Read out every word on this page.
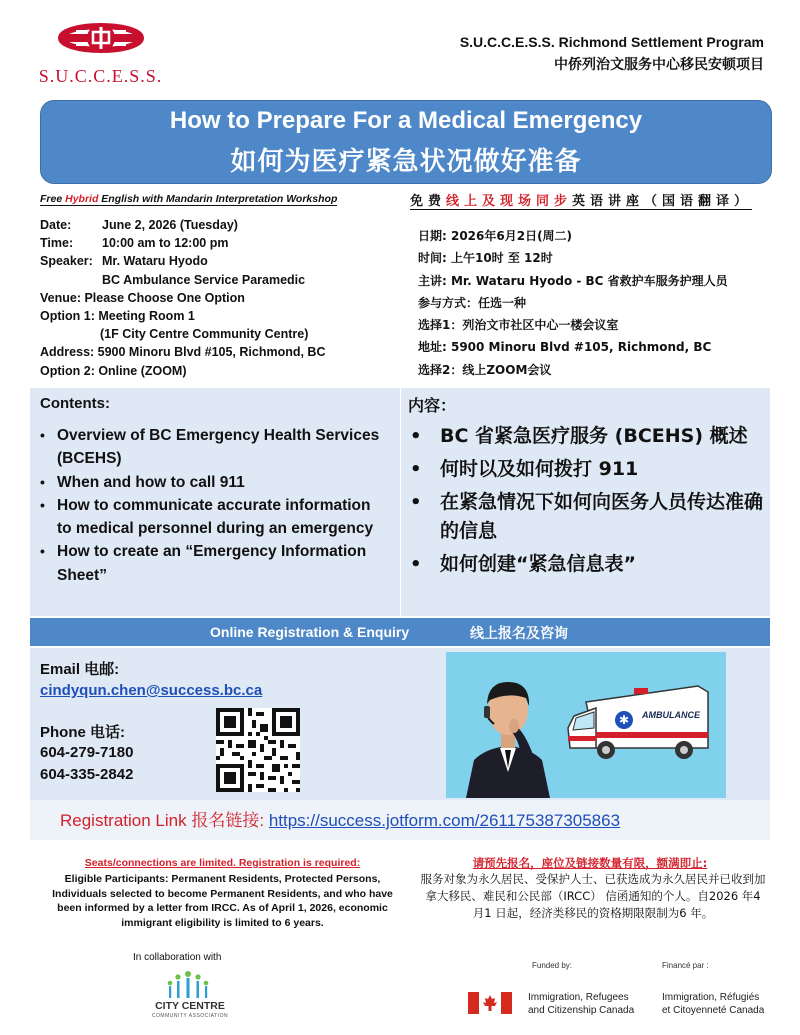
S.U.C.C.E.S.S.
S.U.C.C.E.S.S. Richmond Settlement Program
中侨列治文服务中心移民安顿项目
How to Prepare For a Medical Emergency
如何为医疗紧急状况做好准备
Free Hybrid English with Mandarin Interpretation Workshop	免费线上及现场同步英语讲座（国语翻译）
Date: June 2, 2026 (Tuesday)
Time: 10:00 am to 12:00 pm
Speaker: Mr. Wataru Hyodo
BC Ambulance Service Paramedic
Venue: Please Choose One Option
Option 1: Meeting Room 1
(1F City Centre Community Centre)
Address: 5900 Minoru Blvd #105, Richmond, BC
Option 2: Online (ZOOM)
日期: 2026年6月2日(周二)
时间: 上午10时 至 12时
主讲: Mr. Wataru Hyodo - BC 省救护车服务护理人员
参与方式：任选一种
选择1：列治文市社区中心一楼会议室
地址: 5900 Minoru Blvd #105, Richmond, BC
选择2：线上ZOOM会议
Contents:
• Overview of BC Emergency Health Services (BCEHS)
• When and how to call 911
• How to communicate accurate information to medical personnel during an emergency
• How to create an “Emergency Information Sheet”
内容：
• BC 省紧急医疗服务 (BCEHS) 概述
• 何时以及如何拨打 911
• 在紧急情况下如何向医务人员传达准确的信息
• 如何创建“紧急信息表”
Online Registration & Enquiry	线上报名及咨询
Email 电邮:
cindyqun.chen@success.bc.ca
Phone 电话:
604-279-7180
604-335-2842
✱ AMBULANCE
Registration Link 报名链接: https://success.jotform.com/261175387305863
Seats/connections are limited. Registration is required:
Eligible Participants: Permanent Residents, Protected Persons, Individuals selected to become Permanent Residents, and who have been informed by a letter from IRCC. As of April 1, 2026, economic immigrant eligibility is limited to 6 years.
请预先报名，座位及链接数量有限，额满即止:
服务对象为永久居民、受保护人士、已获选成为永久居民并已收到加拿大移民、难民和公民部（IRCC） 信函通知的个人。自2026 年4 月1 日起，经济类移民的资格期限限制为6 年。
In collaboration with
CITY CENTRE
COMMUNITY ASSOCIATION
Funded by:	Financé par :
Immigration, Refugees
and Citizenship Canada
Immigration, Réfugiés
et Citoyenneté Canada
